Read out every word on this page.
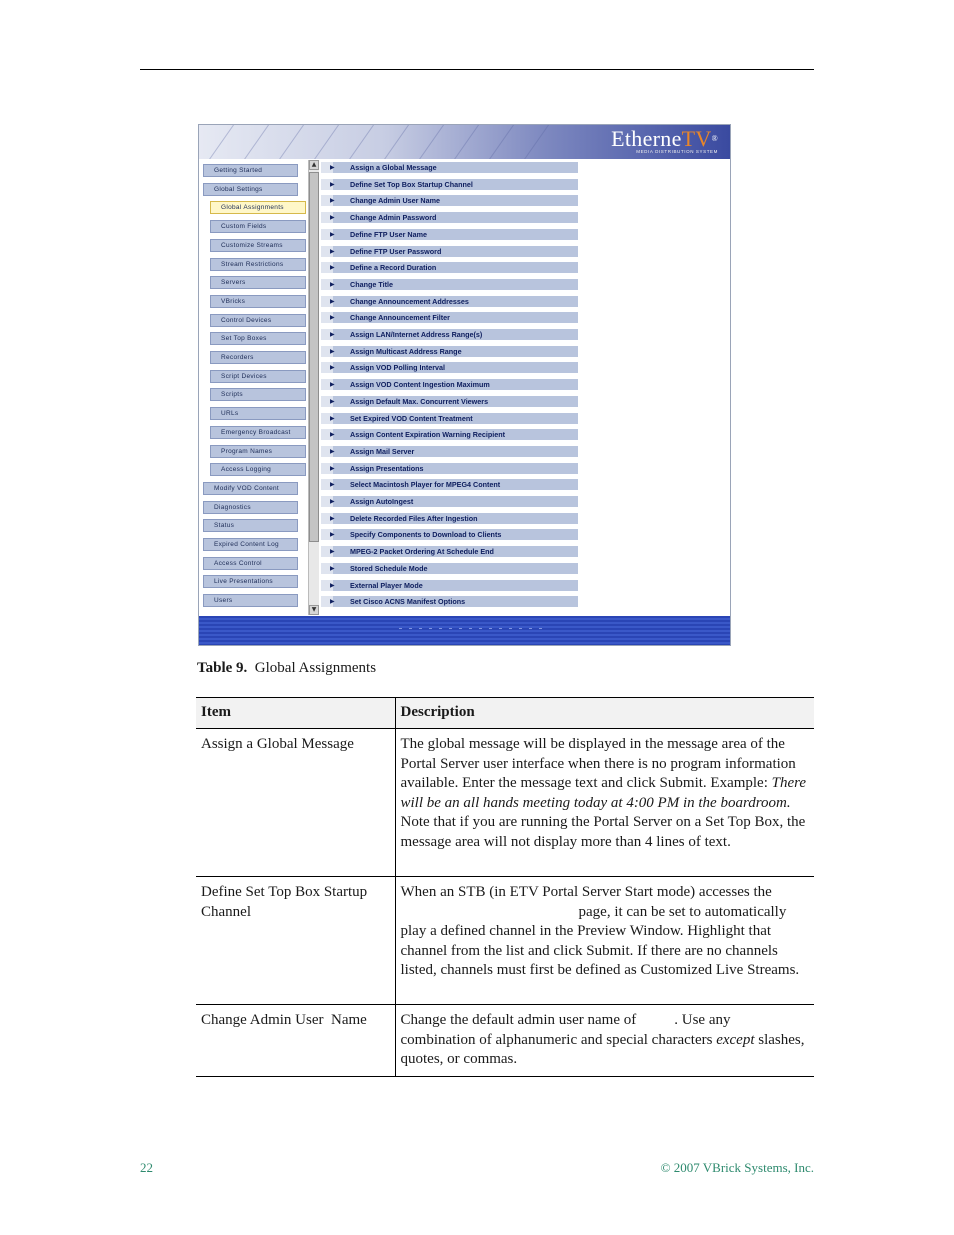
EtherneTV®
MEDIA DISTRIBUTION SYSTEM
Getting Started
Global Settings
Global Assignments
Custom Fields
Customize Streams
Stream Restrictions
Servers
VBricks
Control Devices
Set Top Boxes
Recorders
Script Devices
Scripts
URLs
Emergency Broadcast
Program Names
Access Logging
Modify VOD Content
Diagnostics
Status
Expired Content Log
Access Control
Live Presentations
Users
▲
▼
▶ Assign a Global Message
▶ Define Set Top Box Startup Channel
▶ Change Admin User Name
▶ Change Admin Password
▶ Define FTP User Name
▶ Define FTP User Password
▶ Define a Record Duration
▶ Change Title
▶ Change Announcement Addresses
▶ Change Announcement Filter
▶ Assign LAN/Internet Address Range(s)
▶ Assign Multicast Address Range
▶ Assign VOD Polling Interval
▶ Assign VOD Content Ingestion Maximum
▶ Assign Default Max. Concurrent Viewers
▶ Set Expired VOD Content Treatment
▶ Assign Content Expiration Warning Recipient
▶ Assign Mail Server
▶ Assign Presentations
▶ Select Macintosh Player for MPEG4 Content
▶ Assign AutoIngest
▶ Delete Recorded Files After Ingestion
▶ Specify Components to Download to Clients
▶ MPEG-2 Packet Ordering At Schedule End
▶ Stored Schedule Mode
▶ External Player Mode
▶ Set Cisco ACNS Manifest Options
Table 9. Global Assignments
Item	Description
Assign a Global Message	The global message will be displayed in the message area of the Portal Server user interface when there is no program information available. Enter the message text and click Submit. Example: There will be an all hands meeting today at 4:00 PM in the boardroom. Note that if you are running the Portal Server on a Set Top Box, the message area will not display more than 4 lines of text.
Define Set Top Box Startup Channel	When an STB (in ETV Portal Server Start mode) accesses thepage, it can be set to automatically play a defined channel in the Preview Window. Highlight that channel from the list and click Submit. If there are no channels listed, channels must first be defined as Customized Live Streams.
Change Admin User  Name	Change the default admin user name of . Use any combination of alphanumeric and special characters except slashes, quotes, or commas.
22	© 2007 VBrick Systems, Inc.
